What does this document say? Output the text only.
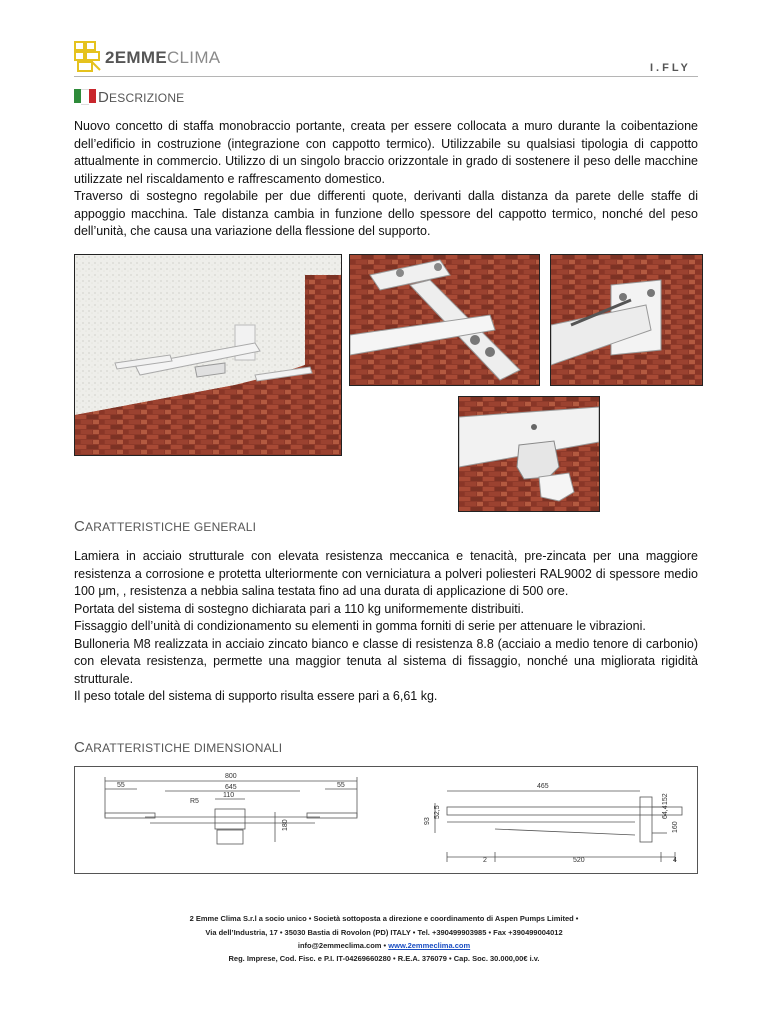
2EMMECLIMA
I.FLY
DESCRIZIONE

Nuovo concetto di staffa monobraccio portante, creata per essere collocata a muro durante la coibentazione dell’edificio in costruzione (integrazione con cappotto termico). Utilizzabile su qualsiasi tipologia di cappotto attualmente in commercio. Utilizzo di un singolo braccio orizzontale in grado di sostenere il peso delle macchine utilizzate nel riscaldamento e raffrescamento domestico.

Traverso di sostegno regolabile per due differenti quote, derivanti dalla distanza da parete delle staffe di appoggio macchina. Tale distanza cambia in funzione dello spessore del cappotto termico, nonché del peso dell’unità, che causa una variazione della flessione del supporto.

CARATTERISTICHE GENERALI

Lamiera in acciaio strutturale con elevata resistenza meccanica e tenacità, pre-zincata per una maggiore resistenza a corrosione e protetta ulteriormente con verniciatura a polveri poliesteri RAL9002 di spessore medio 100 μm, , resistenza a nebbia salina testata fino ad una durata di applicazione di 500 ore.

Portata del sistema di sostegno dichiarata pari a 110 kg uniformemente distribuiti.

Fissaggio dell’unità di condizionamento su elementi in gomma forniti di serie per attenuare le vibrazioni.

Bulloneria M8 realizzata in acciaio zincato bianco e classe di resistenza 8.8 (acciaio a medio tenore di carbonio) con elevata resistenza, permette una maggior tenuta al sistema di fissaggio, nonché una migliorata rigidità strutturale.

Il peso totale del sistema di supporto risulta essere pari a 6,61 kg.

CARATTERISTICHE DIMENSIONALI
800
645
110
55	55
R5
180
465
520
2	4
93
52,5	64,4
160
152
2 Emme Clima S.r.l a socio unico • Società sottoposta a direzione e coordinamento di Aspen Pumps Limited •
Via dell’Industria, 17 • 35030 Bastia di Rovolon (PD) ITALY • Tel. +390499903985 • Fax +390499004012
info@2emmeclima.com • www.2emmeclima.com
Reg. Imprese, Cod. Fisc. e P.I. IT-04269660280 • R.E.A. 376079 • Cap. Soc. 30.000,00€ i.v.
